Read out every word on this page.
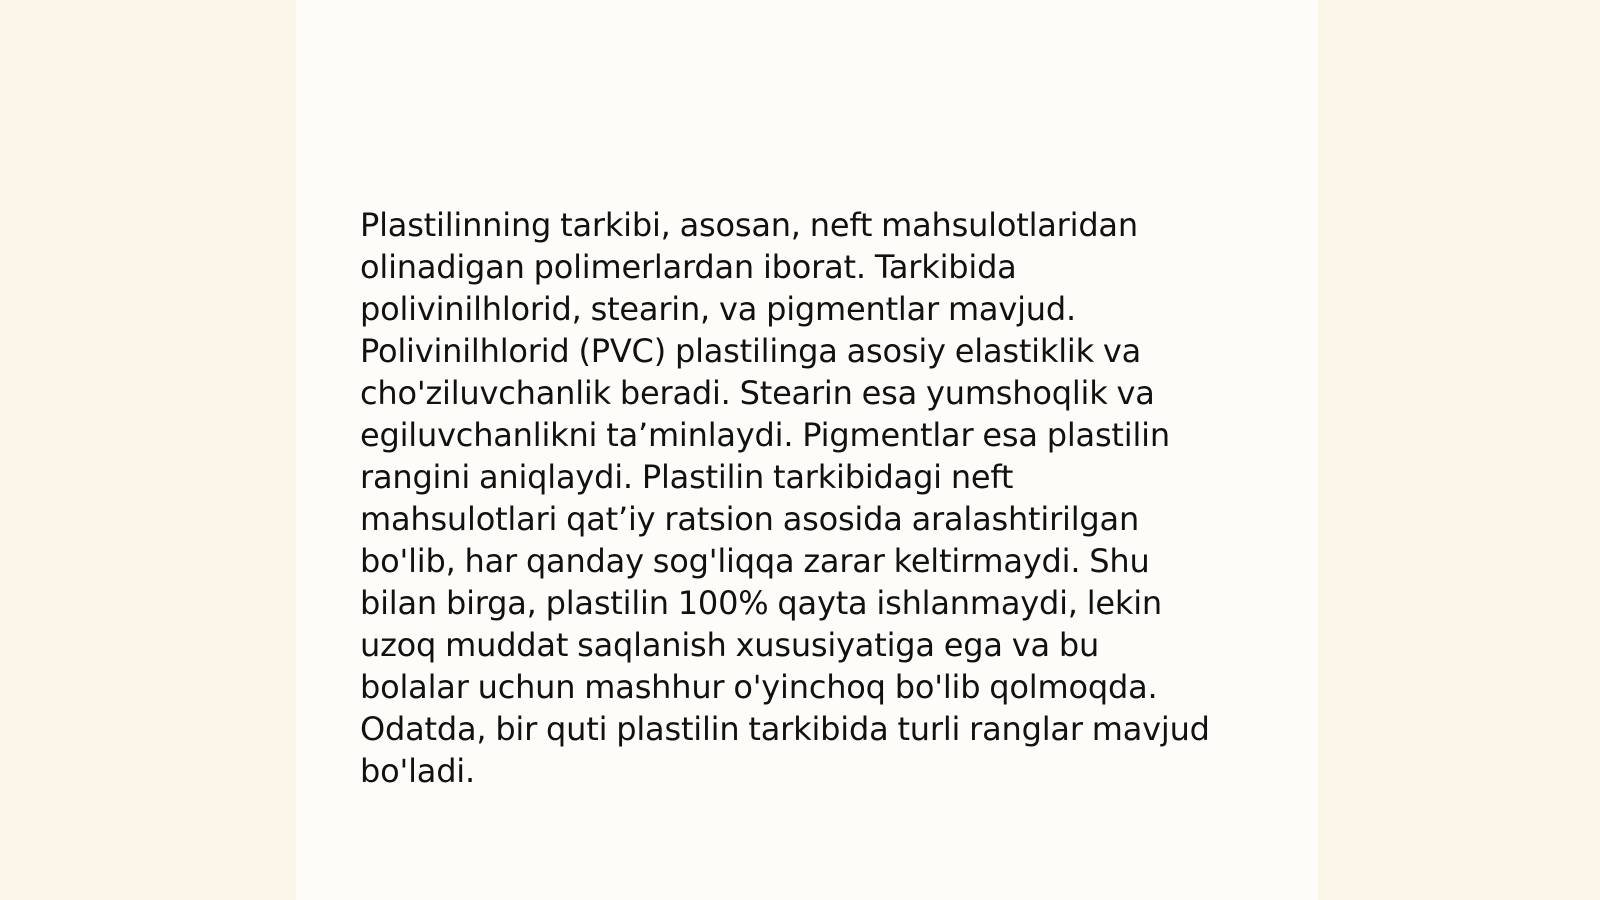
Plastilinning tarkibi, asosan, neft mahsulotlaridan
olinadigan polimerlardan iborat. Tarkibida
polivinilhlorid, stearin, va pigmentlar mavjud.
Polivinilhlorid (PVC) plastilinga asosiy elastiklik va
cho'ziluvchanlik beradi. Stearin esa yumshoqlik va
egiluvchanlikni ta’minlaydi. Pigmentlar esa plastilin
rangini aniqlaydi. Plastilin tarkibidagi neft
mahsulotlari qat’iy ratsion asosida aralashtirilgan
bo'lib, har qanday sog'liqqa zarar keltirmaydi. Shu
bilan birga, plastilin 100% qayta ishlanmaydi, lekin
uzoq muddat saqlanish xususiyatiga ega va bu
bolalar uchun mashhur o'yinchoq bo'lib qolmoqda.
Odatda, bir quti plastilin tarkibida turli ranglar mavjud
bo'ladi.
